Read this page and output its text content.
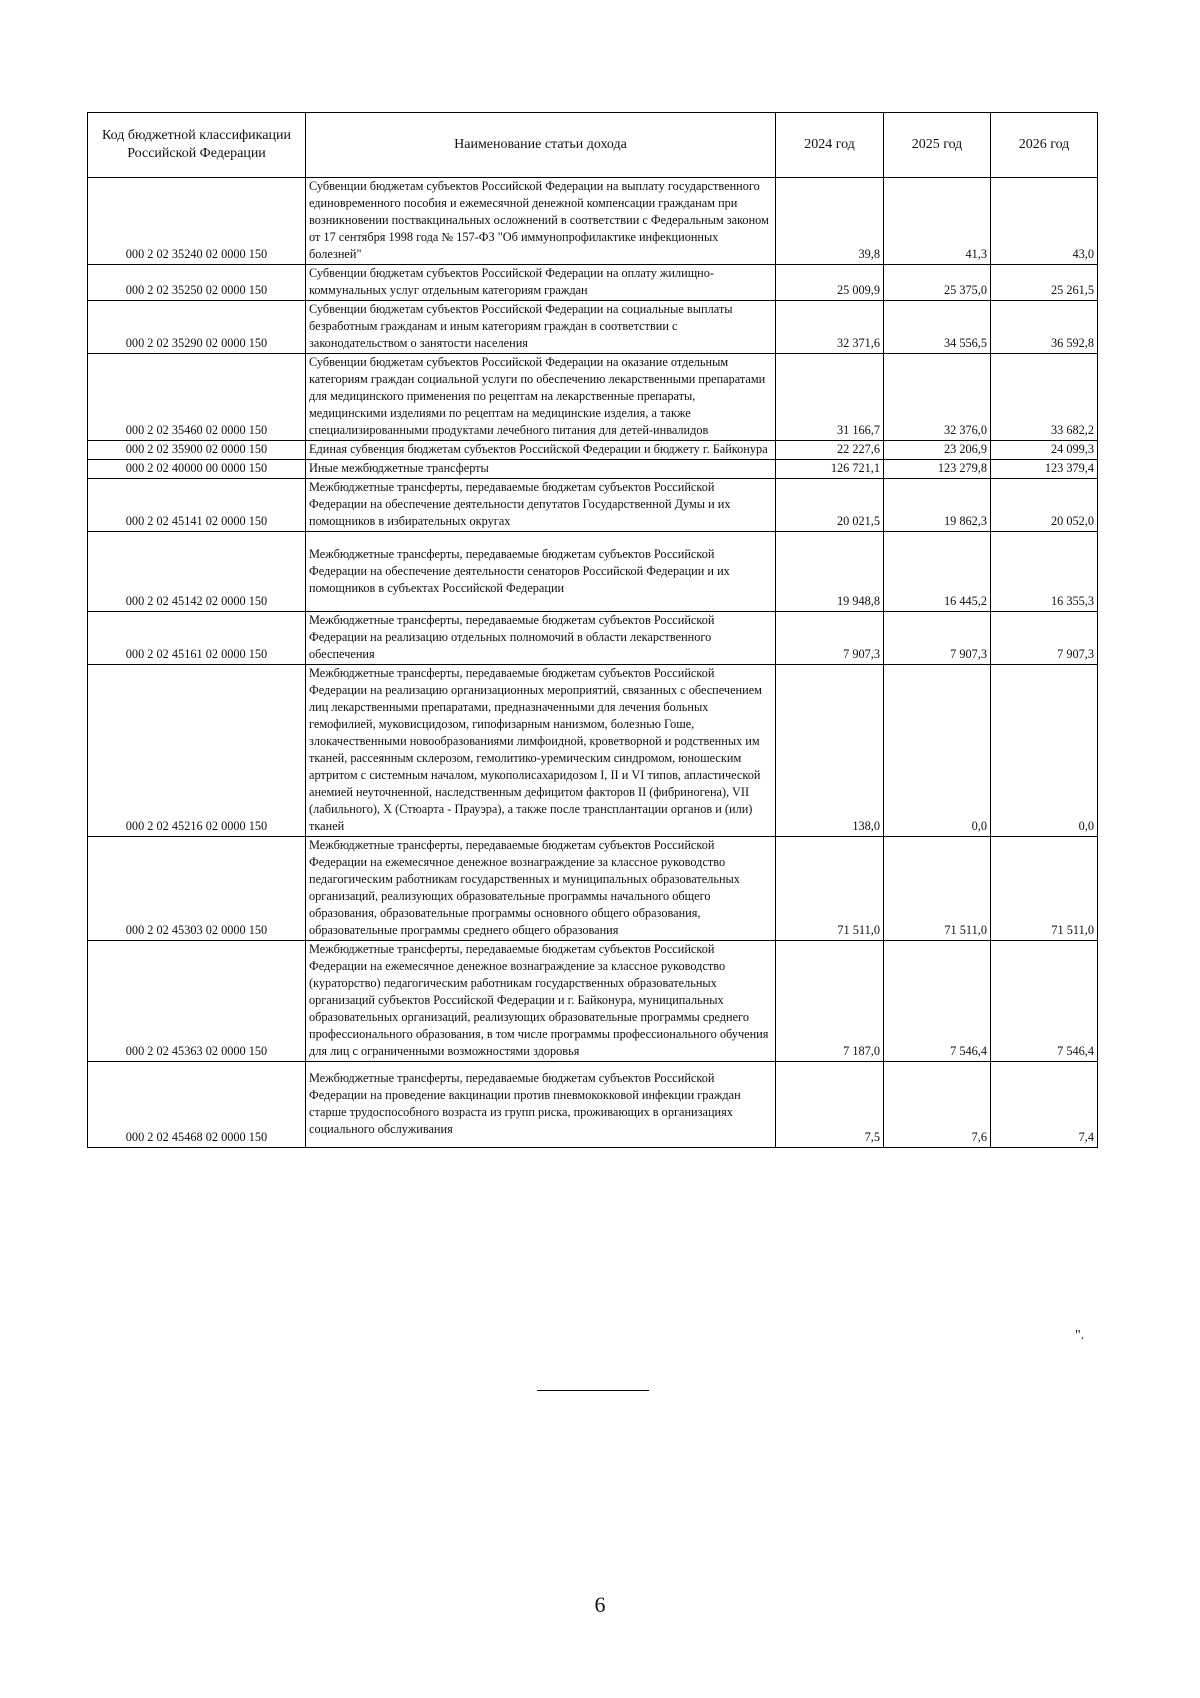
Код бюджетной классификации Российской Федерации	Наименование статьи дохода	2024 год	2025 год	2026 год
000 2 02 35240 02 0000 150	Субвенции бюджетам субъектов Российской Федерации на выплату государственного единовременного пособия и ежемесячной денежной компенсации гражданам при возникновении поствакцинальных осложнений в соответствии с Федеральным законом от 17 сентября 1998 года № 157-ФЗ "Об иммунопрофилактике инфекционных болезней"	39,8	41,3	43,0
000 2 02 35250 02 0000 150	Субвенции бюджетам субъектов Российской Федерации на оплату жилищно-коммунальных услуг отдельным категориям граждан	25 009,9	25 375,0	25 261,5
000 2 02 35290 02 0000 150	Субвенции бюджетам субъектов Российской Федерации на социальные выплаты безработным гражданам и иным категориям граждан в соответствии с законодательством о занятости населения	32 371,6	34 556,5	36 592,8
000 2 02 35460 02 0000 150	Субвенции бюджетам субъектов Российской Федерации на оказание отдельным категориям граждан социальной услуги по обеспечению лекарственными препаратами для медицинского применения по рецептам на лекарственные препараты, медицинскими изделиями по рецептам на медицинские изделия, а также специализированными продуктами лечебного питания для детей-инвалидов	31 166,7	32 376,0	33 682,2
000 2 02 35900 02 0000 150	Единая субвенция бюджетам субъектов Российской Федерации и бюджету г. Байконура	22 227,6	23 206,9	24 099,3
000 2 02 40000 00 0000 150	Иные межбюджетные трансферты	126 721,1	123 279,8	123 379,4
000 2 02 45141 02 0000 150	Межбюджетные трансферты, передаваемые бюджетам субъектов Российской Федерации на обеспечение деятельности депутатов Государственной Думы и их помощников в избирательных округах	20 021,5	19 862,3	20 052,0
000 2 02 45142 02 0000 150	Межбюджетные трансферты, передаваемые бюджетам субъектов Российской Федерации на обеспечение деятельности сенаторов Российской Федерации и их помощников в субъектах Российской Федерации	19 948,8	16 445,2	16 355,3
000 2 02 45161 02 0000 150	Межбюджетные трансферты, передаваемые бюджетам субъектов Российской Федерации на реализацию отдельных полномочий в области лекарственного обеспечения	7 907,3	7 907,3	7 907,3
000 2 02 45216 02 0000 150	Межбюджетные трансферты, передаваемые бюджетам субъектов Российской Федерации на реализацию организационных мероприятий, связанных с обеспечением лиц лекарственными препаратами, предназначенными для лечения больных гемофилией, муковисцидозом, гипофизарным нанизмом, болезнью Гоше, злокачественными новообразованиями лимфоидной, кроветворной и родственных им тканей, рассеянным склерозом, гемолитико-уремическим синдромом, юношеским артритом с системным началом, мукополисахаридозом I, II и VI типов, апластической анемией неуточненной, наследственным дефицитом факторов II (фибриногена), VII (лабильного), X (Стюарта - Прауэра), а также после трансплантации органов и (или) тканей	138,0	0,0	0,0
000 2 02 45303 02 0000 150	Межбюджетные трансферты, передаваемые бюджетам субъектов Российской Федерации на ежемесячное денежное вознаграждение за классное руководство педагогическим работникам государственных и муниципальных образовательных организаций, реализующих образовательные программы начального общего образования, образовательные программы основного общего образования, образовательные программы среднего общего образования	71 511,0	71 511,0	71 511,0
000 2 02 45363 02 0000 150	Межбюджетные трансферты, передаваемые бюджетам субъектов Российской Федерации на ежемесячное денежное вознаграждение за классное руководство (кураторство) педагогическим работникам государственных образовательных организаций субъектов Российской Федерации и г. Байконура, муниципальных образовательных организаций, реализующих образовательные программы среднего профессионального образования, в том числе программы профессионального обучения для лиц с ограниченными возможностями здоровья	7 187,0	7 546,4	7 546,4
000 2 02 45468 02 0000 150	Межбюджетные трансферты, передаваемые бюджетам субъектов Российской Федерации на проведение вакцинации против пневмококковой инфекции граждан старше трудоспособного возраста из групп риска, проживающих в организациях социального обслуживания	7,5	7,6	7,4
".
6
